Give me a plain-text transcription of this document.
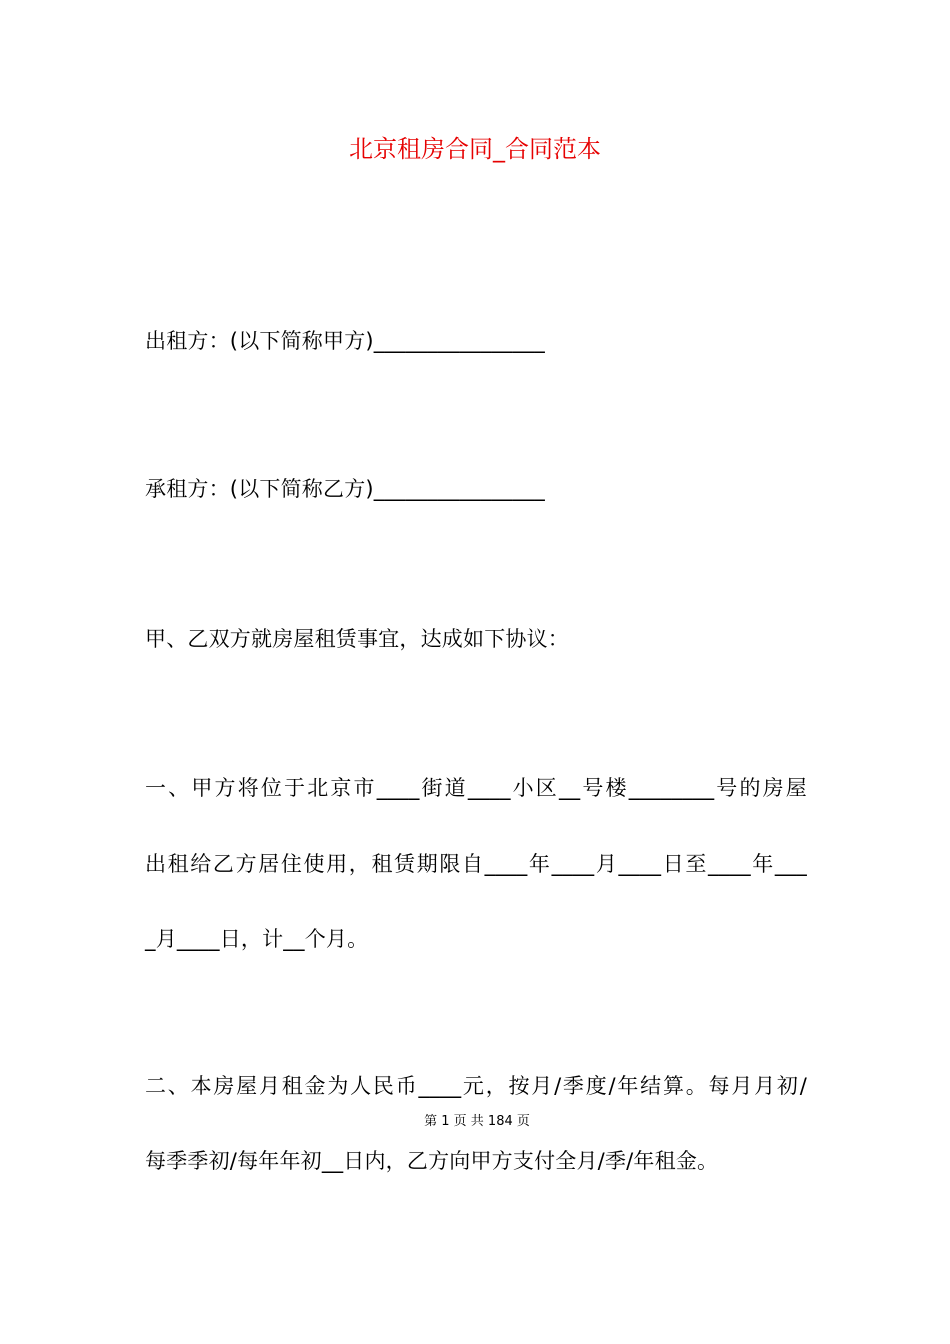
北京租房合同_合同范本
出租方：(以下简称甲方)________________
承租方：(以下简称乙方)________________
甲、乙双方就房屋租赁事宜，达成如下协议：
一、甲方将位于北京市____街道____小区__号楼________号的房屋
出租给乙方居住使用，租赁期限自____年____月____日至____年___
_月____日，计__个月。
二、本房屋月租金为人民币____元，按月/季度/年结算。每月月初/
第 1 页 共 184 页
每季季初/每年年初__日内，乙方向甲方支付全月/季/年租金。
